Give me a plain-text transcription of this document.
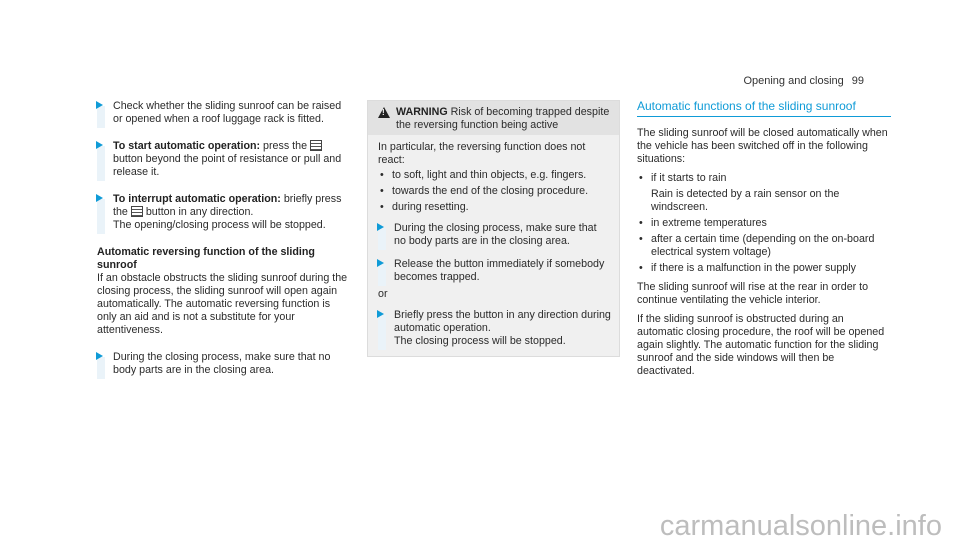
Opening and closing 99

Check whether the sliding sunroof can be raised or opened when a roof luggage rack is fitted.

To start automatic operation: press thebutton beyond the point of resistance or pull and release it.

To interrupt automatic operation: briefly press the button in any direction.

The opening/closing process will be stopped.

Automatic reversing function of the sliding sunroof

If an obstacle obstructs the sliding sunroof during the closing process, the sliding sunroof will open again automatically. The automatic reversing function is only an aid and is not a substitute for your attentiveness.

During the closing process, make sure that no body parts are in the closing area.

!
WARNING Risk of becoming trapped despite the reversing function being active

In particular, the reversing function does not react:

• to soft, light and thin objects, e.g. fingers.
• towards the end of the closing procedure.
• during resetting.

During the closing process, make sure that no body parts are in the closing area.

Release the button immediately if somebody becomes trapped.

or

Briefly press the button in any direction during automatic operation.

The closing process will be stopped.

Automatic functions of the sliding sunroof

The sliding sunroof will be closed automatically when the vehicle has been switched off in the following situations:

• if it starts to rain
Rain is detected by a rain sensor on the windscreen.
• in extreme temperatures
• after a certain time (depending on the on-board electrical system voltage)
• if there is a malfunction in the power supply

The sliding sunroof will rise at the rear in order to continue ventilating the vehicle interior.

If the sliding sunroof is obstructed during an automatic closing procedure, the roof will be opened again slightly. The automatic function for the sliding sunroof and the side windows will then be deactivated.

carmanualsonline.info
